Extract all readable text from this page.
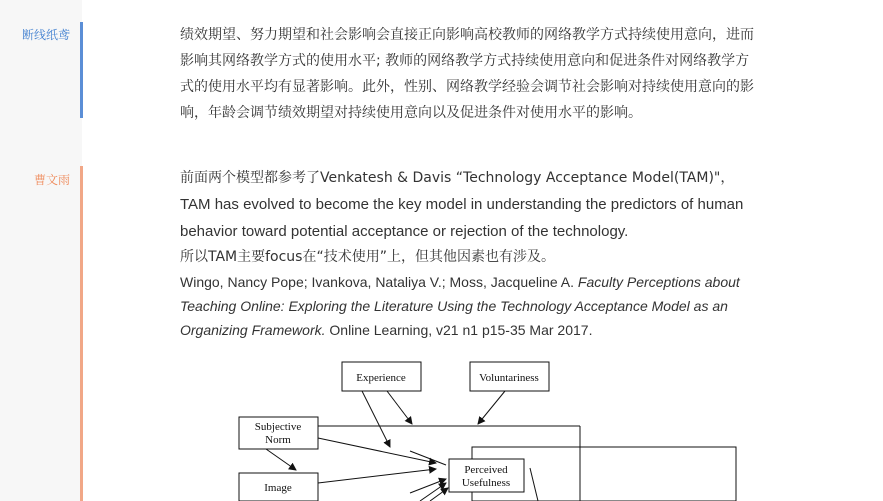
断线纸鸢
曹文雨
绩效期望、努力期望和社会影响会直接正向影响高校教师的网络教学方式持续使用意向，进而
影响其网络教学方式的使用水平; 教师的网络教学方式持续使用意向和促进条件对网络教学方
式的使用水平均有显著影响。此外，性别、网络教学经验会调节社会影响对持续使用意向的影
响，年龄会调节绩效期望对持续使用意向以及促进条件对使用水平的影响。
前面两个模型都参考了Venkatesh & Davis “Technology Acceptance Model(TAM)"，
TAM has evolved to become the key model in understanding the predictors of human
behavior toward potential acceptance or rejection of the technology.
所以TAM主要focus在“技术使用”上，但其他因素也有涉及。
Wingo, Nancy Pope; Ivankova, Nataliya V.; Moss, Jacqueline A. Faculty Perceptions about
Teaching Online: Exploring the Literature Using the Technology Acceptance Model as an
Organizing Framework. Online Learning, v21 n1 p15-35 Mar 2017.
Experience	Voluntariness
Subjective
Norm
Image
Perceived
Usefulness
